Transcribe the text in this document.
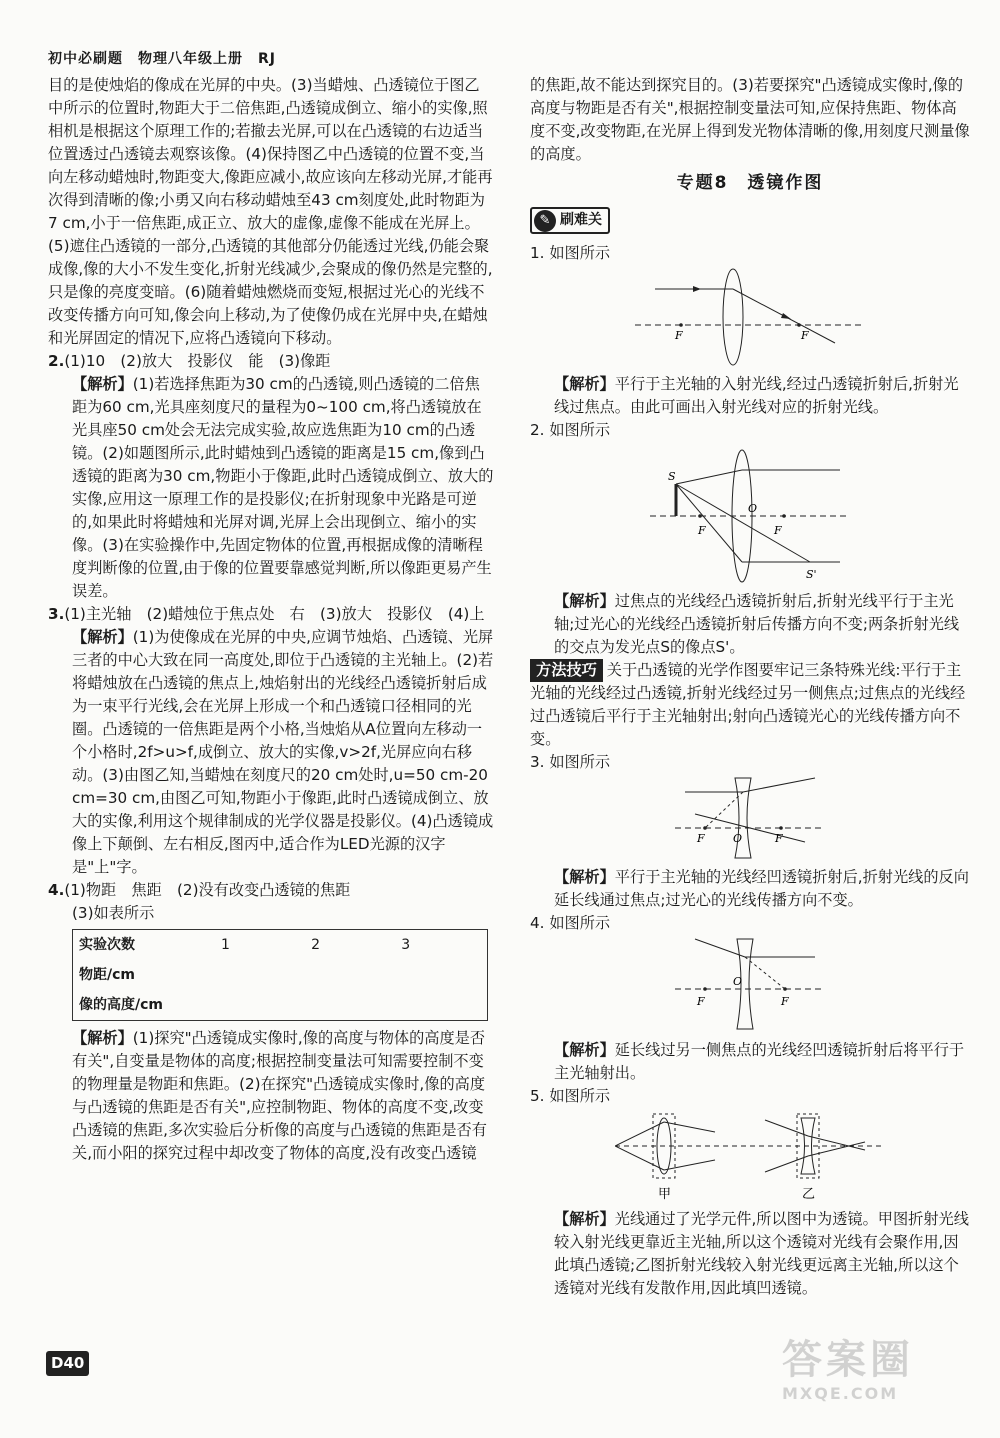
初中必刷题　物理八年级上册　RJ

目的是使烛焰的像成在光屏的中央。(3)当蜡烛、凸透镜位于图乙中所示的位置时,物距大于二倍焦距,凸透镜成倒立、缩小的实像,照相机是根据这个原理工作的;若撤去光屏,可以在凸透镜的右边适当位置透过凸透镜去观察该像。(4)保持图乙中凸透镜的位置不变,当向左移动蜡烛时,物距变大,像距应减小,故应该向左移动光屏,才能再次得到清晰的像;小勇又向右移动蜡烛至43 cm刻度处,此时物距为7 cm,小于一倍焦距,成正立、放大的虚像,虚像不能成在光屏上。(5)遮住凸透镜的一部分,凸透镜的其他部分仍能透过光线,仍能会聚成像,像的大小不发生变化,折射光线减少,会聚成的像仍然是完整的,只是像的亮度变暗。(6)随着蜡烛燃烧而变短,根据过光心的光线不改变传播方向可知,像会向上移动,为了使像仍成在光屏中央,在蜡烛和光屏固定的情况下,应将凸透镜向下移动。

2.(1)10　(2)放大　投影仪　能　(3)像距

【解析】(1)若选择焦距为30 cm的凸透镜,则凸透镜的二倍焦距为60 cm,光具座刻度尺的量程为0~100 cm,将凸透镜放在光具座50 cm处会无法完成实验,故应选焦距为10 cm的凸透镜。(2)如题图所示,此时蜡烛到凸透镜的距离是15 cm,像到凸透镜的距离为30 cm,物距小于像距,此时凸透镜成倒立、放大的实像,应用这一原理工作的是投影仪;在折射现象中光路是可逆的,如果此时将蜡烛和光屏对调,光屏上会出现倒立、缩小的实像。(3)在实验操作中,先固定物体的位置,再根据成像的清晰程度判断像的位置,由于像的位置要靠感觉判断,所以像距更易产生误差。

3.(1)主光轴　(2)蜡烛位于焦点处　右　(3)放大　投影仪　(4)上

【解析】(1)为使像成在光屏的中央,应调节烛焰、凸透镜、光屏三者的中心大致在同一高度处,即位于凸透镜的主光轴上。(2)若将蜡烛放在凸透镜的焦点上,烛焰射出的光线经凸透镜折射后成为一束平行光线,会在光屏上形成一个和凸透镜口径相同的光圈。凸透镜的一倍焦距是两个小格,当烛焰从A位置向左移动一个小格时,2f>u>f,成倒立、放大的实像,v>2f,光屏应向右移动。(3)由图乙知,当蜡烛在刻度尺的20 cm处时,u=50 cm-20 cm=30 cm,由图乙可知,物距小于像距,此时凸透镜成倒立、放大的实像,利用这个规律制成的光学仪器是投影仪。(4)凸透镜成像上下颠倒、左右相反,图丙中,适合作为LED光源的汉字是"上"字。

4.(1)物距　焦距　(2)没有改变凸透镜的焦距

(3)如表所示

实验次数	1	2	3
物距/cm			
像的高度/cm			

【解析】(1)探究"凸透镜成实像时,像的高度与物体的高度是否有关",自变量是物体的高度;根据控制变量法可知需要控制不变的物理量是物距和焦距。(2)在探究"凸透镜成实像时,像的高度与凸透镜的焦距是否有关",应控制物距、物体的高度不变,改变凸透镜的焦距,多次实验后分析像的高度与凸透镜的焦距是否有关,而小阳的探究过程中却改变了物体的高度,没有改变凸透镜

的焦距,故不能达到探究目的。(3)若要探究"凸透镜成实像时,像的高度与物距是否有关",根据控制变量法可知,应保持焦距、物体高度不变,改变物距,在光屏上得到发光物体清晰的像,用刻度尺测量像的高度。

专题8　透镜作图
✎ 刷难关

1. 如图所示

F	F

【解析】平行于主光轴的入射光线,经过凸透镜折射后,折射光线过焦点。由此可画出入射光线对应的折射光线。

2. 如图所示

S
O
F	F
S'

【解析】过焦点的光线经凸透镜折射后,折射光线平行于主光轴;过光心的光线经凸透镜折射后传播方向不变;两条折射光线的交点为发光点S的像点S'。

方法技巧 关于凸透镜的光学作图要牢记三条特殊光线:平行于主光轴的光线经过凸透镜,折射光线经过另一侧焦点;过焦点的光线经过凸透镜后平行于主光轴射出;射向凸透镜光心的光线传播方向不变。

3. 如图所示

F	O	F

【解析】平行于主光轴的光线经凹透镜折射后,折射光线的反向延长线通过焦点;过光心的光线传播方向不变。

4. 如图所示

F
O
F

【解析】延长线过另一侧焦点的光线经凹透镜折射后将平行于主光轴射出。

5. 如图所示

甲	乙

【解析】光线通过了光学元件,所以图中为透镜。甲图折射光线较入射光线更靠近主光轴,所以这个透镜对光线有会聚作用,因此填凸透镜;乙图折射光线较入射光线更远离主光轴,所以这个透镜对光线有发散作用,因此填凹透镜。

D40	答案圈
MXQE.COM
